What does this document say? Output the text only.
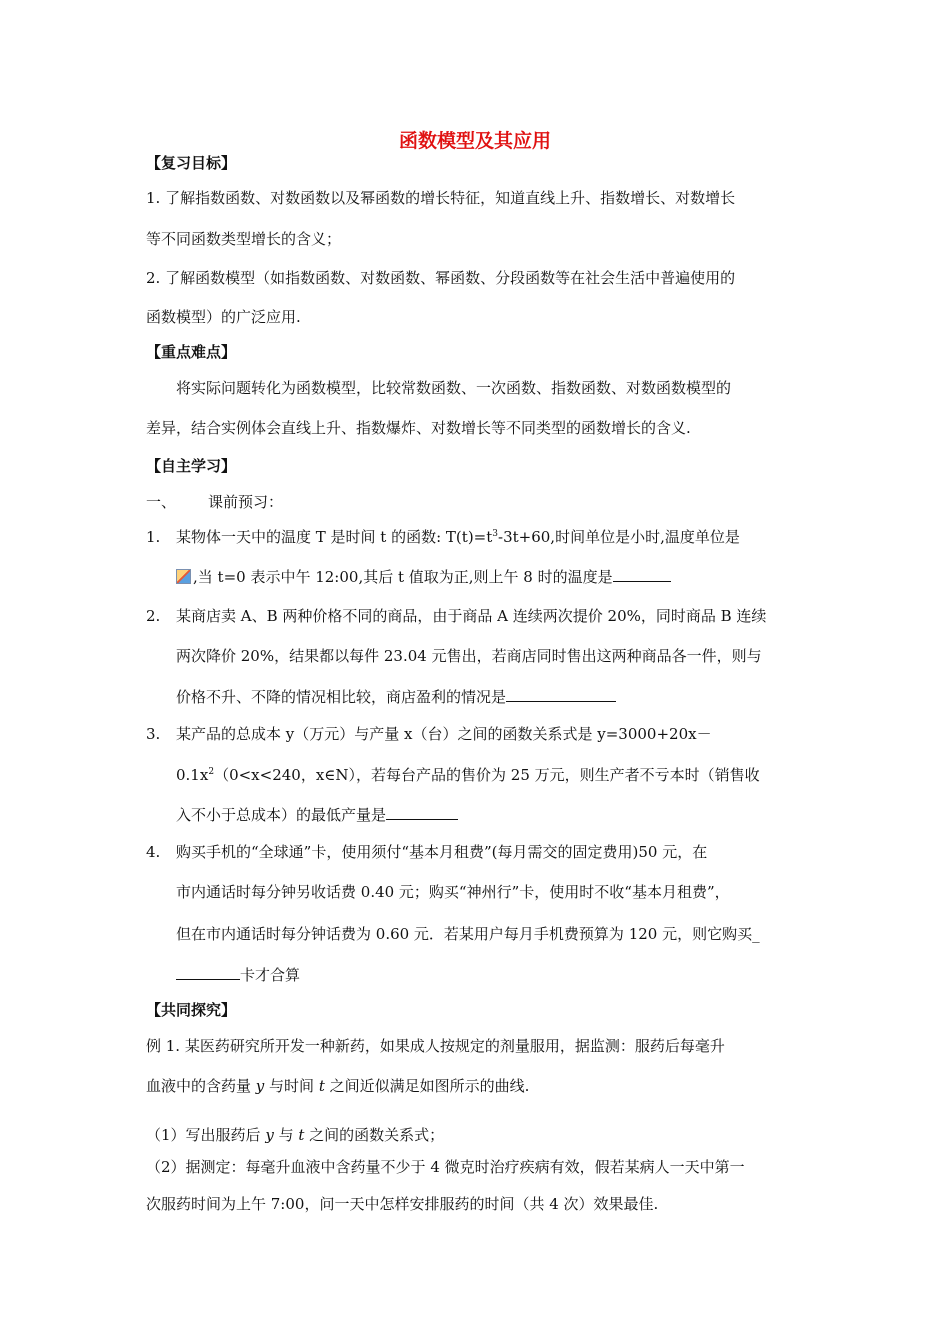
函数模型及其应用
【复习目标】
1. 了解指数函数、对数函数以及幂函数的增长特征，知道直线上升、指数增长、对数增长
等不同函数类型增长的含义；
2. 了解函数模型（如指数函数、对数函数、幂函数、分段函数等在社会生活中普遍使用的
函数模型）的广泛应用.
【重点难点】
将实际问题转化为函数模型，比较常数函数、一次函数、指数函数、对数函数模型的
差异，结合实例体会直线上升、指数爆炸、对数增长等不同类型的函数增长的含义.
【自主学习】
一、 课前预习：
1. 某物体一天中的温度 T 是时间 t 的函数: $T(t)=t^3-3t+60$,时间单位是小时,温度单位是
,当 t=0 表示中午 12:00,其后 t 值取为正,则上午 8 时的温度是
2. 某商店卖 A、B 两种价格不同的商品，由于商品 A 连续两次提价 20%，同时商品 B 连续
两次降价 20%，结果都以每件 23.04 元售出，若商店同时售出这两种商品各一件，则与
价格不升、不降的情况相比较，商店盈利的情况是
3. 某产品的总成本 y（万元）与产量 x（台）之间的函数关系式是 y=3000+20x－
$0.1x^2(0<x<240$，x∈N），若每台产品的售价为 25 万元，则生产者不亏本时（销售收
入不小于总成本）的最低产量是
4. 购买手机的“全球通”卡，使用须付“基本月租费”(每月需交的固定费用)50 元，在
市内通话时每分钟另收话费 0.40 元；购买“神州行”卡，使用时不收“基本月租费”，
但在市内通话时每分钟话费为 0.60 元．若某用户每月手机费预算为 120 元，则它购买_
卡才合算
【共同探究】
例 1. 某医药研究所开发一种新药，如果成人按规定的剂量服用，据监测：服药后每毫升
血液中的含药量 y 与时间 t 之间近似满足如图所示的曲线.
（1）写出服药后 y 与 t 之间的函数关系式；
（2）据测定：每毫升血液中含药量不少于 4 微克时治疗疾病有效，假若某病人一天中第一
次服药时间为上午 7:00，问一天中怎样安排服药的时间（共 4 次）效果最佳.
